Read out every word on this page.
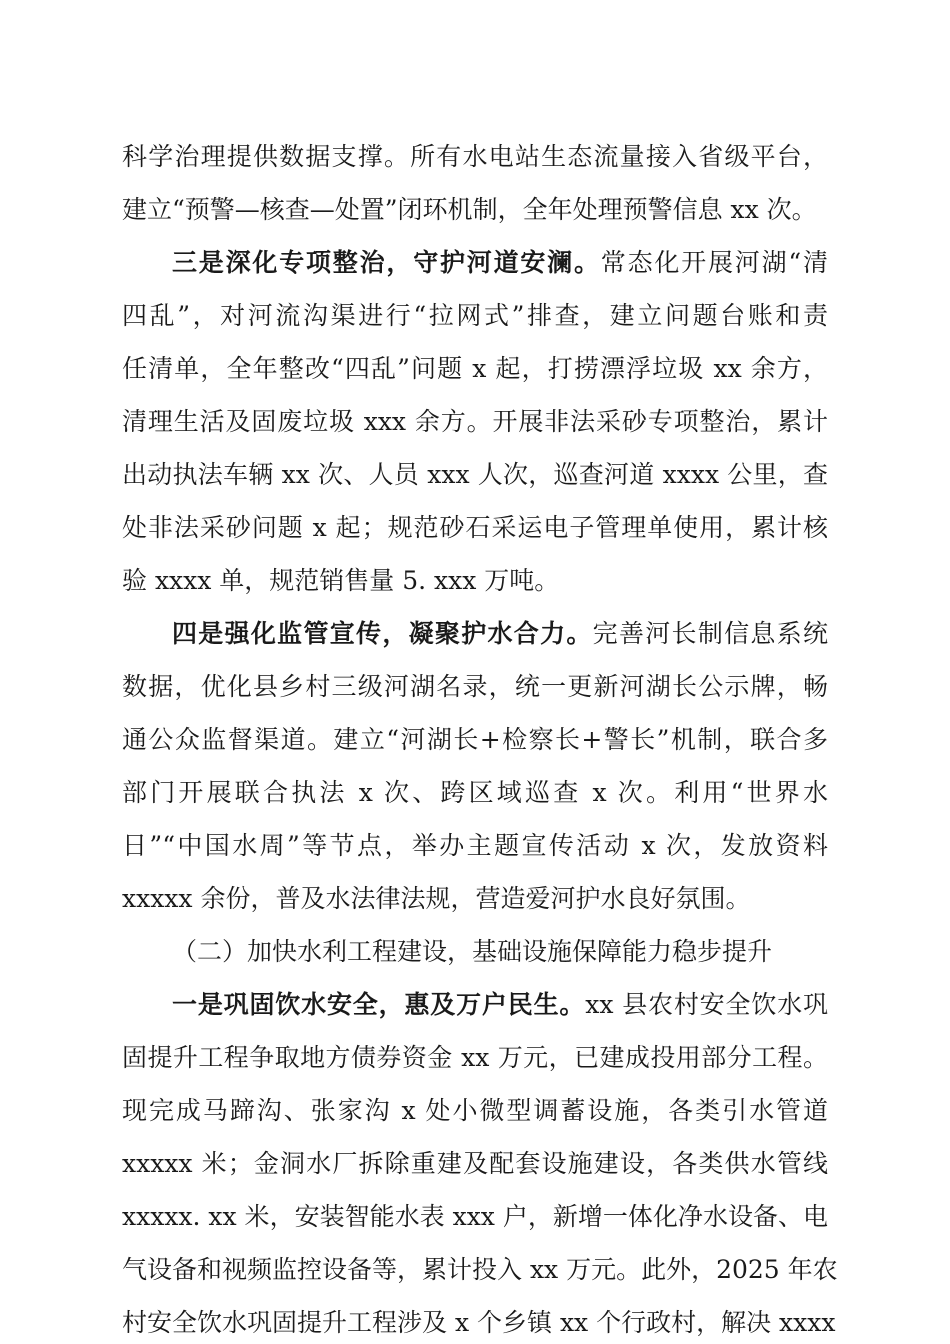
科学治理提供数据支撑。所有水电站生态流量接入省级平台，
建立“预警—核查—处置”闭环机制，全年处理预警信息 xx 次。
三是深化专项整治，守护河道安澜。常态化开展河湖“清
四乱”，对河流沟渠进行“拉网式”排查，建立问题台账和责
任清单，全年整改“四乱”问题 x 起，打捞漂浮垃圾 xx 余方，
清理生活及固废垃圾 xxx 余方。开展非法采砂专项整治，累计
出动执法车辆 xx 次、人员 xxx 人次，巡查河道 xxxx 公里，查
处非法采砂问题 x 起；规范砂石采运电子管理单使用，累计核
验 xxxx 单，规范销售量 5. xxx 万吨。
四是强化监管宣传，凝聚护水合力。完善河长制信息系统
数据，优化县乡村三级河湖名录，统一更新河湖长公示牌，畅
通公众监督渠道。建立“河湖长+检察长+警长”机制，联合多
部门开展联合执法 x 次、跨区域巡查 x 次。利用“世界水
日”“中国水周”等节点，举办主题宣传活动 x 次，发放资料
xxxxx 余份，普及水法律法规，营造爱河护水良好氛围。
（二）加快水利工程建设，基础设施保障能力稳步提升
一是巩固饮水安全，惠及万户民生。xx 县农村安全饮水巩
固提升工程争取地方债券资金 xx 万元，已建成投用部分工程。
现完成马蹄沟、张家沟 x 处小微型调蓄设施，各类引水管道
xxxxx 米；金洞水厂拆除重建及配套设施建设，各类供水管线
xxxxx. xx 米，安装智能水表 xxx 户，新增一体化净水设备、电
气设备和视频监控设备等，累计投入 xx 万元。此外，2025 年农
村安全饮水巩固提升工程涉及 x 个乡镇 xx 个行政村，解决 xxxx
